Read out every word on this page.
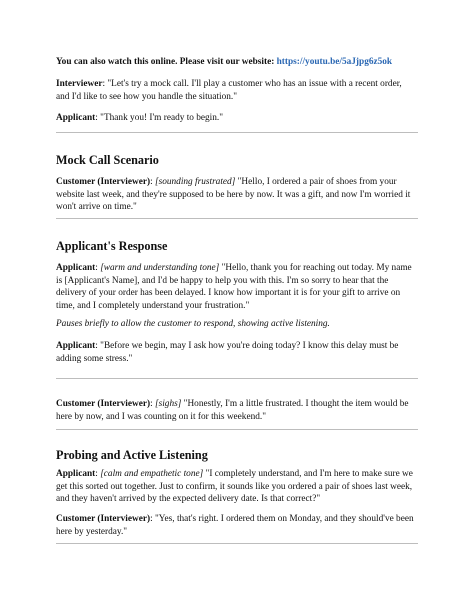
You can also watch this online. Please visit our website: https://youtu.be/5aJjpg6z5ok

Interviewer: "Let's try a mock call. I'll play a customer who has an issue with a recent order,
and I'd like to see how you handle the situation."

Applicant: "Thank you! I'm ready to begin."

Mock Call Scenario

Customer (Interviewer): [sounding frustrated] "Hello, I ordered a pair of shoes from your
website last week, and they're supposed to be here by now. It was a gift, and now I'm worried it
won't arrive on time."

Applicant's Response

Applicant: [warm and understanding tone] "Hello, thank you for reaching out today. My name
is [Applicant's Name], and I'd be happy to help you with this. I'm so sorry to hear that the
delivery of your order has been delayed. I know how important it is for your gift to arrive on
time, and I completely understand your frustration."

Pauses briefly to allow the customer to respond, showing active listening.

Applicant: "Before we begin, may I ask how you're doing today? I know this delay must be
adding some stress."

Customer (Interviewer): [sighs] "Honestly, I'm a little frustrated. I thought the item would be
here by now, and I was counting on it for this weekend."

Probing and Active Listening

Applicant: [calm and empathetic tone] "I completely understand, and I'm here to make sure we
get this sorted out together. Just to confirm, it sounds like you ordered a pair of shoes last week,
and they haven't arrived by the expected delivery date. Is that correct?"

Customer (Interviewer): "Yes, that's right. I ordered them on Monday, and they should've been
here by yesterday."
